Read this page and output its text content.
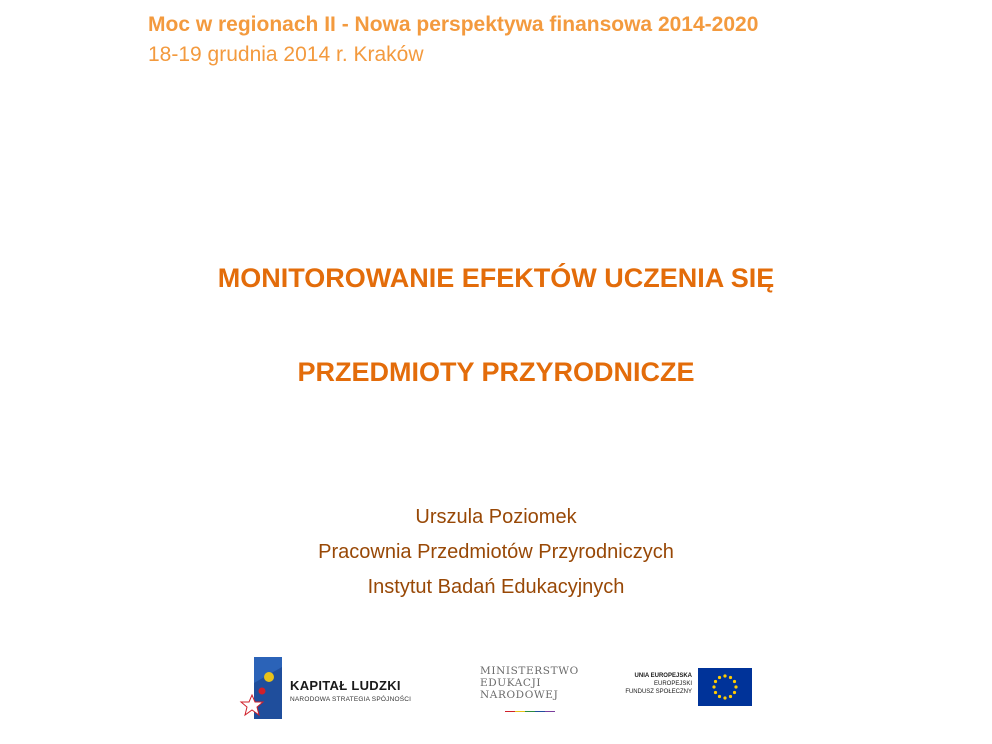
Moc w regionach II - Nowa perspektywa finansowa 2014-2020
18-19 grudnia 2014 r. Kraków
MONITOROWANIE EFEKTÓW UCZENIA SIĘ
PRZEDMIOTY PRZYRODNICZE
Urszula Poziomek
Pracownia Przedmiotów Przyrodniczych
Instytut Badań Edukacyjnych
KAPITAŁ LUDZKI
NARODOWA STRATEGIA SPÓJNOŚCI
MINISTERSTWO
EDUKACJI
NARODOWEJ
UNIA EUROPEJSKA
EUROPEJSKI
FUNDUSZ SPOŁECZNY
